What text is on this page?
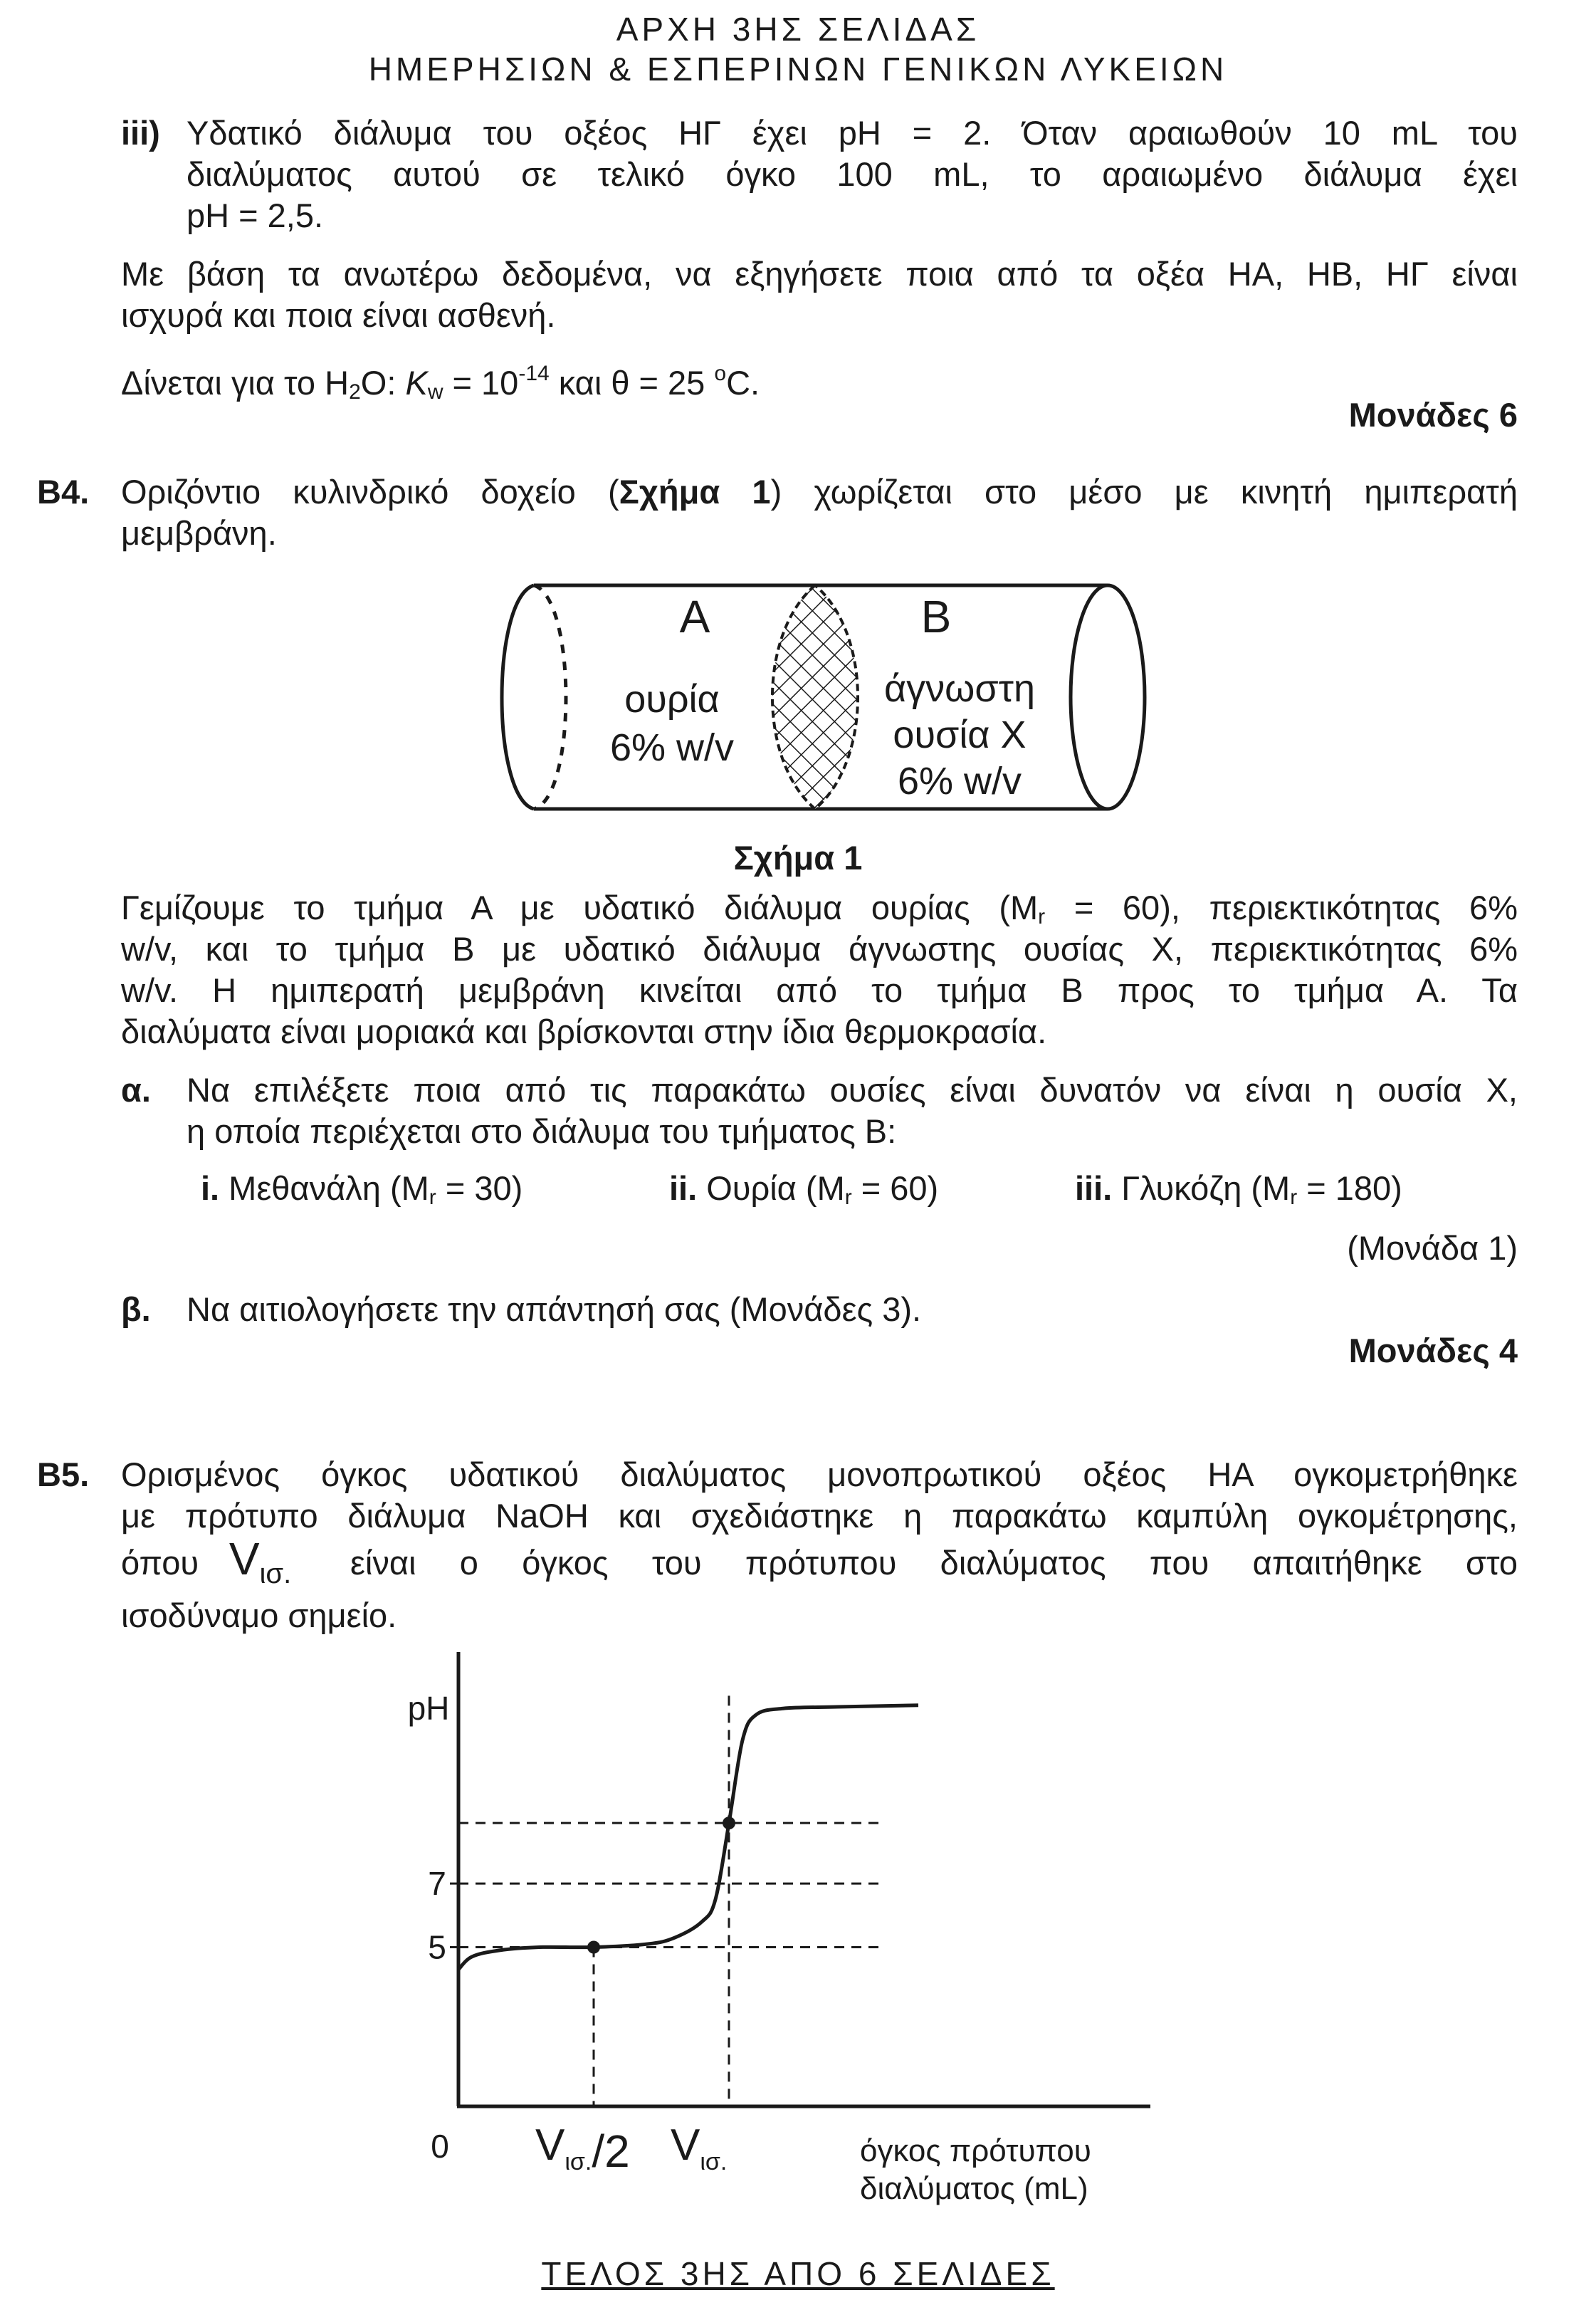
ΑΡΧΗ 3ΗΣ ΣΕΛΙΔΑΣ
ΗΜΕΡΗΣΙΩΝ & ΕΣΠΕΡΙΝΩΝ ΓΕΝΙΚΩΝ ΛΥΚΕΙΩΝ
iii) Υδατικό διάλυμα του οξέος ΗΓ έχει pH = 2. Όταν αραιωθούν 10 mL του
διαλύματος αυτού σε τελικό όγκο 100 mL, το αραιωμένο διάλυμα έχει
pH = 2,5.
Με βάση τα ανωτέρω δεδομένα, να εξηγήσετε ποια από τα οξέα ΗΑ, ΗΒ, ΗΓ είναι
ισχυρά και ποια είναι ασθενή.
Δίνεται για το $H_2O$: $K_w = 10^{-14}$ και θ = 25 $^o$C.
Μονάδες 6
Β4. Οριζόντιο κυλινδρικό δοχείο (Σχήμα 1) χωρίζεται στο μέσο με κινητή ημιπερατή
μεμβράνη.
A	B
ουρία
6% w/v
άγνωστη
ουσία X
6% w/v
Σχήμα 1
Γεμίζουμε το τμήμα Α με υδατικό διάλυμα ουρίας $(M_r = 60)$, περιεκτικότητας 6%
w/v, και το τμήμα Β με υδατικό διάλυμα άγνωστης ουσίας Χ, περιεκτικότητας 6%
w/v. Η ημιπερατή μεμβράνη κινείται από το τμήμα Β προς το τμήμα Α. Τα
διαλύματα είναι μοριακά και βρίσκονται στην ίδια θερμοκρασία.
α. Να επιλέξετε ποια από τις παρακάτω ουσίες είναι δυνατόν να είναι η ουσία Χ,
η οποία περιέχεται στο διάλυμα του τμήματος Β:
i. Μεθανάλη $(M_r = 30)$	ii. Ουρία $(M_r = 60)$	iii. Γλυκόζη $(M_r = 180)$
(Μονάδα 1)
β. Να αιτιολογήσετε την απάντησή σας (Μονάδες 3).
Μονάδες 4
Β5. Ορισμένος όγκος υδατικού διαλύματος μονοπρωτικού οξέος ΗΑ ογκομετρήθηκε
με πρότυπο διάλυμα NaOH και σχεδιάστηκε η παρακάτω καμπύλη ογκομέτρησης,
όπου Vισ. είναι ο όγκος του πρότυπου διαλύματος που απαιτήθηκε στο
ισοδύναμο σημείο.
pH
0	όγκος πρότυπου
διαλύματος (mL)
5
7
$V_{\iota\sigma.}/2$ $V_{\iota\sigma.}$
ΤΕΛΟΣ 3ΗΣ ΑΠΟ 6 ΣΕΛΙΔΕΣ
